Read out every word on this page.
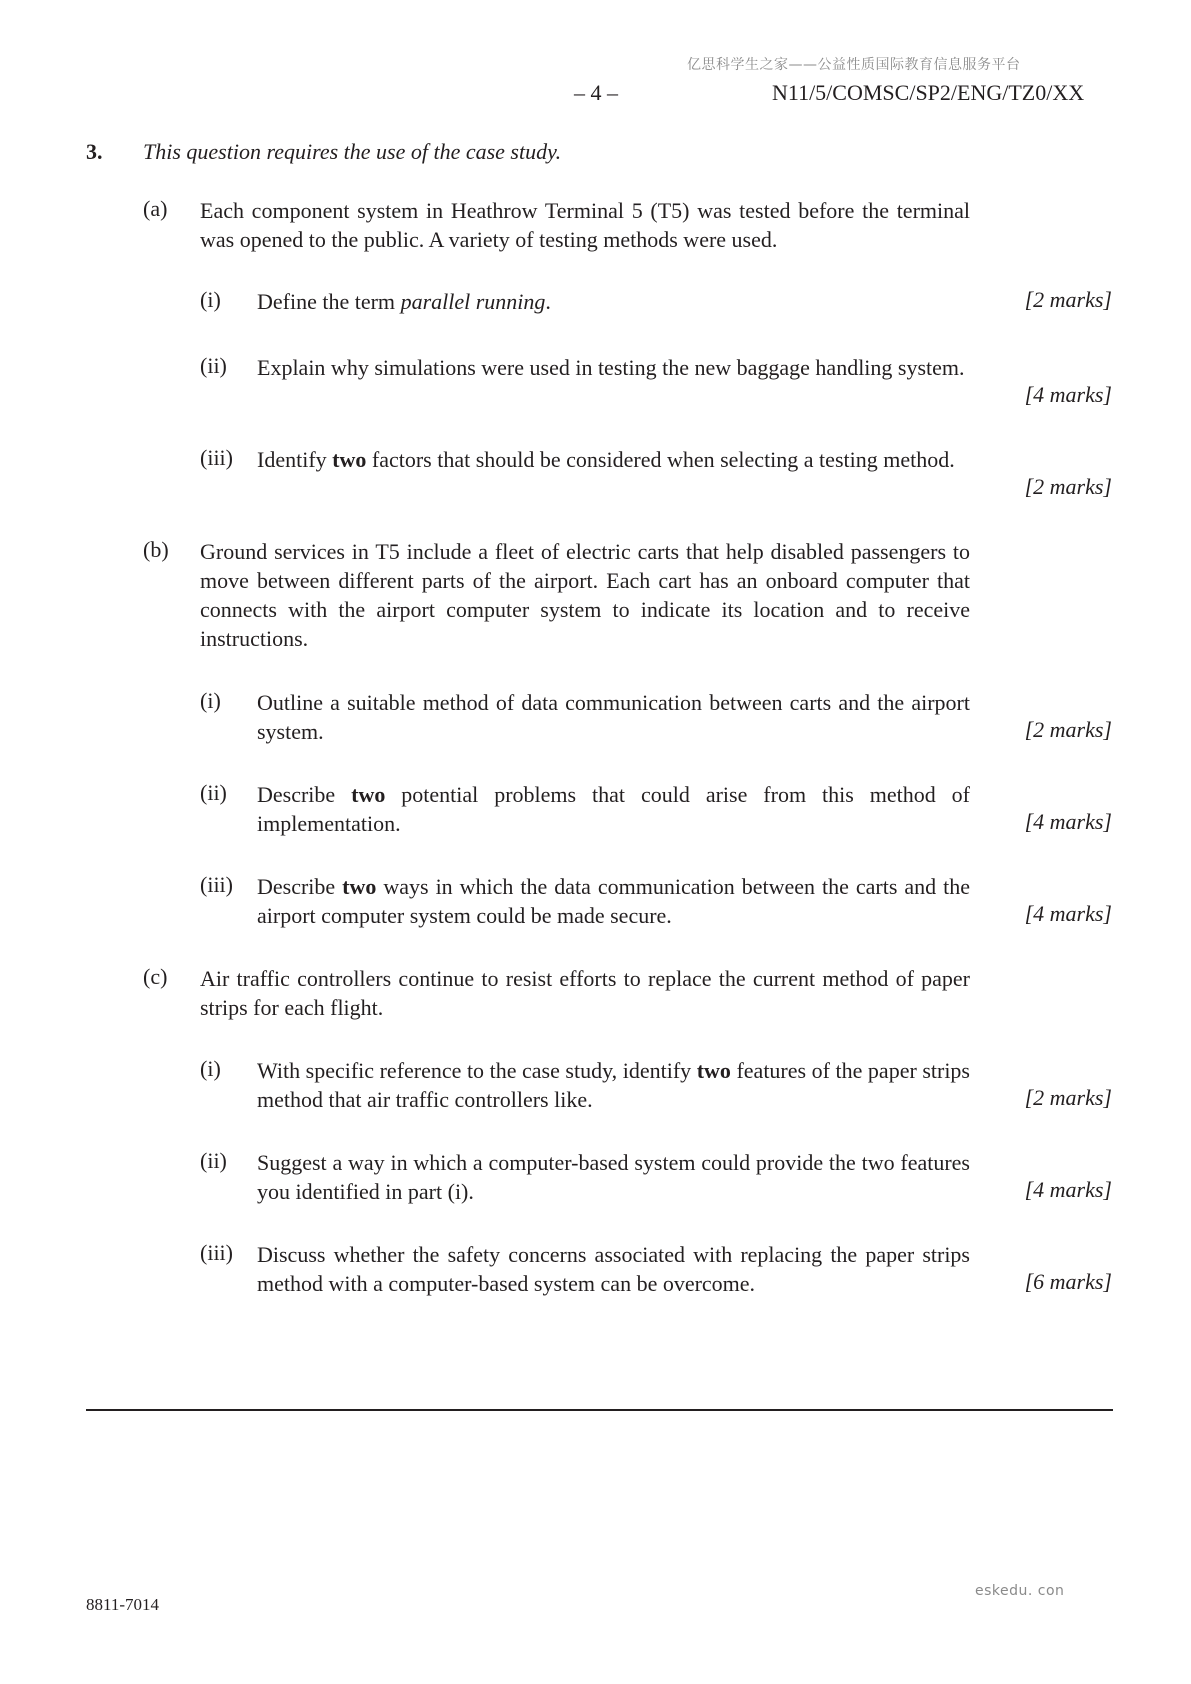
亿思科学生之家——公益性质国际教育信息服务平台
– 4 –	N11/5/COMSC/SP2/ENG/TZ0/XX
3. This question requires the use of the case study.
(a) Each component system in Heathrow Terminal 5 (T5) was tested before the terminal was opened to the public. A variety of testing methods were used.
(i) Define the term parallel running.	[2 marks]
(ii) Explain why simulations were used in testing the new baggage handling system.
[4 marks]
(iii) Identify two factors that should be considered when selecting a testing method.
[2 marks]
(b) Ground services in T5 include a fleet of electric carts that help disabled passengers to move between different parts of the airport. Each cart has an onboard computer that connects with the airport computer system to indicate its location and to receive instructions.
(i) Outline a suitable method of data communication between carts and the airport system.	[2 marks]
(ii) Describe two potential problems that could arise from this method of implementation.	[4 marks]
(iii) Describe two ways in which the data communication between the carts and the airport computer system could be made secure.	[4 marks]
(c) Air traffic controllers continue to resist efforts to replace the current method of paper strips for each flight.
(i) With specific reference to the case study, identify two features of the paper strips method that air traffic controllers like.	[2 marks]
(ii) Suggest a way in which a computer-based system could provide the two features you identified in part (i).	[4 marks]
(iii) Discuss whether the safety concerns associated with replacing the paper strips method with a computer-based system can be overcome.	[6 marks]
eskedu. con
8811-7014
